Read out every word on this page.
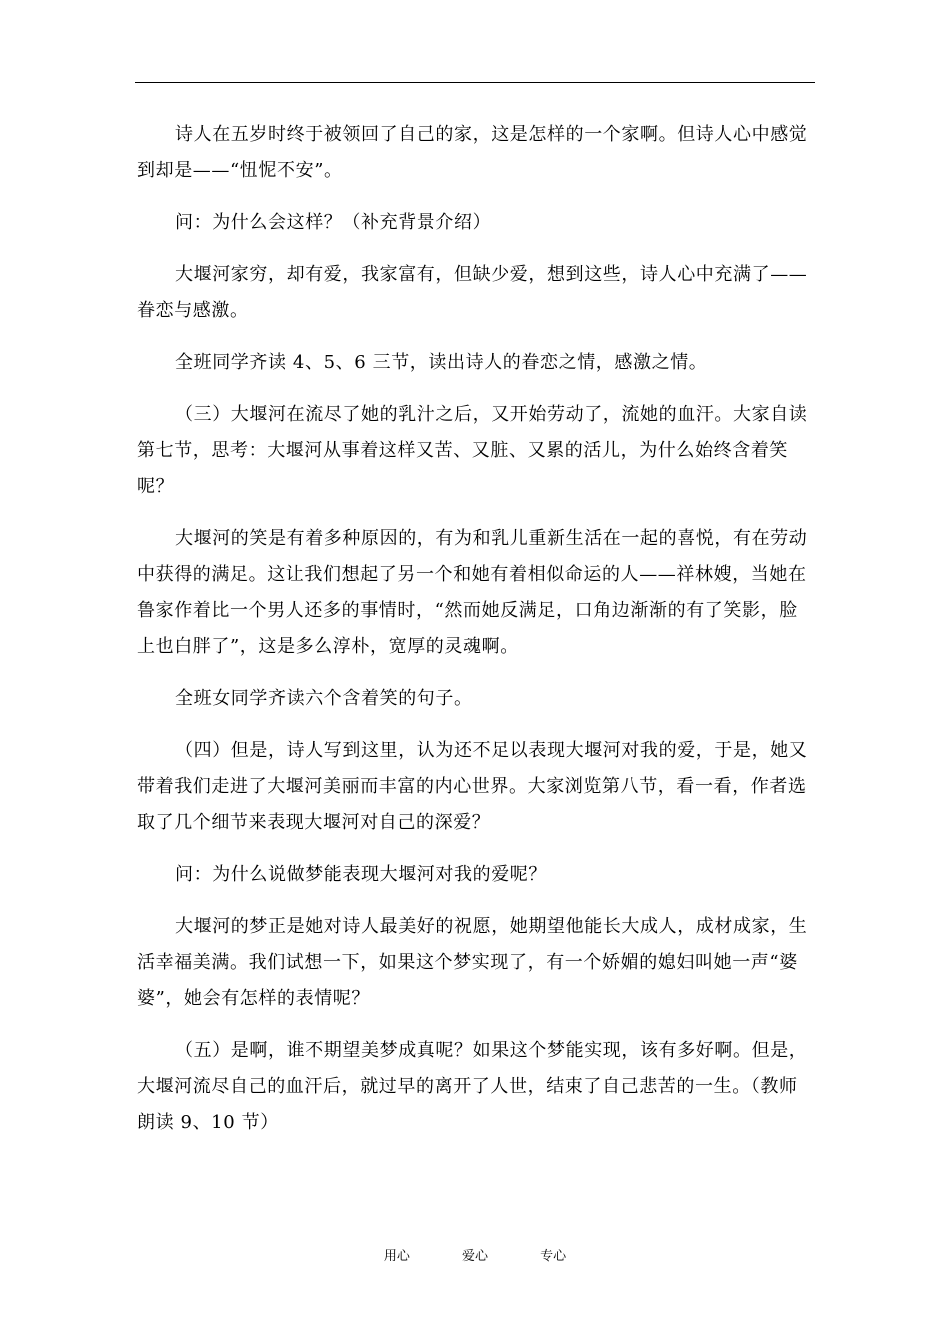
诗人在五岁时终于被领回了自己的家，这是怎样的一个家啊。但诗人心中感觉到却是——“忸怩不安”。

问：为什么会这样？（补充背景介绍）

大堰河家穷，却有爱，我家富有，但缺少爱，想到这些，诗人心中充满了——眷恋与感激。

全班同学齐读 4、5、6 三节，读出诗人的眷恋之情，感激之情。

（三）大堰河在流尽了她的乳汁之后，又开始劳动了，流她的血汗。大家自读第七节，思考：大堰河从事着这样又苦、又脏、又累的活儿，为什么始终含着笑呢？

大堰河的笑是有着多种原因的，有为和乳儿重新生活在一起的喜悦，有在劳动中获得的满足。这让我们想起了另一个和她有着相似命运的人——祥林嫂，当她在鲁家作着比一个男人还多的事情时，“然而她反满足，口角边渐渐的有了笑影，脸上也白胖了”，这是多么淳朴，宽厚的灵魂啊。

全班女同学齐读六个含着笑的句子。

（四）但是，诗人写到这里，认为还不足以表现大堰河对我的爱，于是，她又带着我们走进了大堰河美丽而丰富的内心世界。大家浏览第八节，看一看，作者选取了几个细节来表现大堰河对自己的深爱？

问：为什么说做梦能表现大堰河对我的爱呢？

大堰河的梦正是她对诗人最美好的祝愿，她期望他能长大成人，成材成家，生活幸福美满。我们试想一下，如果这个梦实现了，有一个娇媚的媳妇叫她一声“婆婆”，她会有怎样的表情呢？

（五）是啊，谁不期望美梦成真呢？如果这个梦能实现，该有多好啊。但是，大堰河流尽自己的血汗后，就过早的离开了人世，结束了自己悲苦的一生。（教师朗读 9、10 节）

用心	爱心	专心
